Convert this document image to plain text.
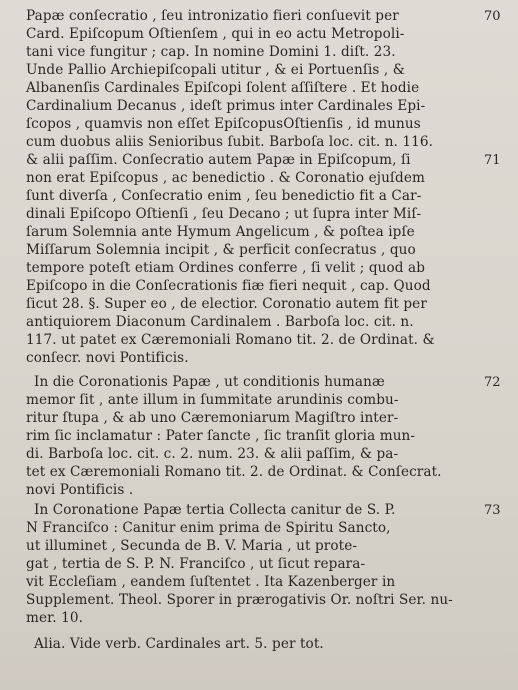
Papæ conſecratio , ſeu intronizatio fieri conſuevit per
Card. Epiſcopum Oſtienſem , qui in eo actu Metropoli-
tani vice fungitur ; cap. In nomine Domini 1. diſt. 23.
Unde Pallio Archiepiſcopali utitur , & ei Portuenſis , &
Albanenſis Cardinales Epiſcopi ſolent aſſiſtere . Et hodie
Cardinalium Decanus , ideſt primus inter Cardinales Epi-
ſcopos , quamvis non eſſet EpiſcopusOſtienſis , id munus
cum duobus aliis Senioribus ſubit. Barboſa loc. cit. n. 116.
& alii paſſim. Conſecratio autem Papæ in Epiſcopum, ſi
non erat Epiſcopus , ac benedictio . & Coronatio ejuſdem
ſunt diverſa , Conſecratio enim , ſeu benedictio fit a Car-
dinali Epiſcopo Oſtienſi , ſeu Decano ; ut ſupra inter Miſ-
ſarum Solemnia ante Hymum Angelicum , & poſtea ipſe
Miſſarum Solemnia incipit , & perficit conſecratus , quo
tempore poteſt etiam Ordines conferre , ſi velit ; quod ab
Epiſcopo in die Conſecrationis fiæ fieri nequit , cap. Quod
ſicut 28. §. Super eo , de electior. Coronatio autem fit per
antiquiorem Diaconum Cardinalem . Barboſa loc. cit. n.
117. ut patet ex Cæremoniali Romano tit. 2. de Ordinat. &
conſecr. novi Pontificis.
In die Coronationis Papæ , ut conditionis humanæ
memor ſit , ante illum in ſummitate arundinis combu-
ritur ſtupa , & ab uno Cæremoniarum Magiſtro inter-
rim ſic inclamatur : Pater ſancte , ſic tranſit gloria mun-
di. Barboſa loc. cit. c. 2. num. 23. & alii paſſim, & pa-
tet ex Cæremoniali Romano tit. 2. de Ordinat. & Conſecrat.
novi Pontificis .
In Coronatione Papæ tertia Collecta canitur de S. P.
N Franciſco : Canitur enim prima de Spiritu Sancto,
ut illuminet , Secunda de B. V. Maria , ut prote-
gat , tertia de S. P. N. Franciſco , ut ſicut repara-
vit Eccleſiam , eandem ſuſtentet . Ita Kazenberger in
Supplement. Theol. Sporer in prærogativis Or. noſtri Ser. nu-
mer. 10.
Alia. Vide verb. Cardinales art. 5. per tot.
70
71
72
73
